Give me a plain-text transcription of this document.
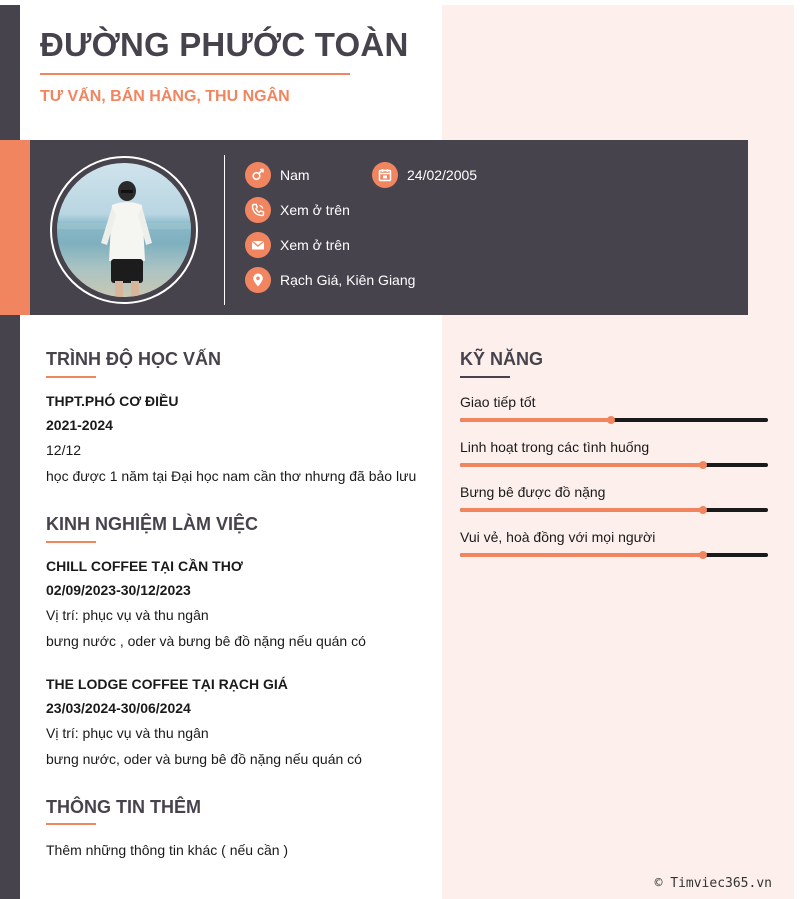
ĐƯỜNG PHƯỚC TOÀN
TƯ VẤN, BÁN HÀNG, THU NGÂN
Nam	24/02/2005
Xem ở trên
Xem ở trên
Rạch Giá, Kiên Giang
TRÌNH ĐỘ HỌC VẤN
THPT.PHÓ CƠ ĐIỀU
2021-2024
12/12
học được 1 năm tại Đại học nam cần thơ nhưng đã bảo lưu
KINH NGHIỆM LÀM VIỆC
CHILL COFFEE TẠI CẦN THƠ
02/09/2023-30/12/2023
Vị trí: phục vụ và thu ngân
bưng nước , oder và bưng bê đồ nặng nếu quán có
THE LODGE COFFEE TẠI RẠCH GIÁ
23/03/2024-30/06/2024
Vị trí: phục vụ và thu ngân
bưng nước, oder và bưng bê đồ nặng nếu quán có
THÔNG TIN THÊM
Thêm những thông tin khác ( nếu cần )
KỸ NĂNG
Giao tiếp tốt
Linh hoạt trong các tình huống
Bưng bê được đồ nặng
Vui vẻ, hoà đồng với mọi người
© Timviec365.vn
